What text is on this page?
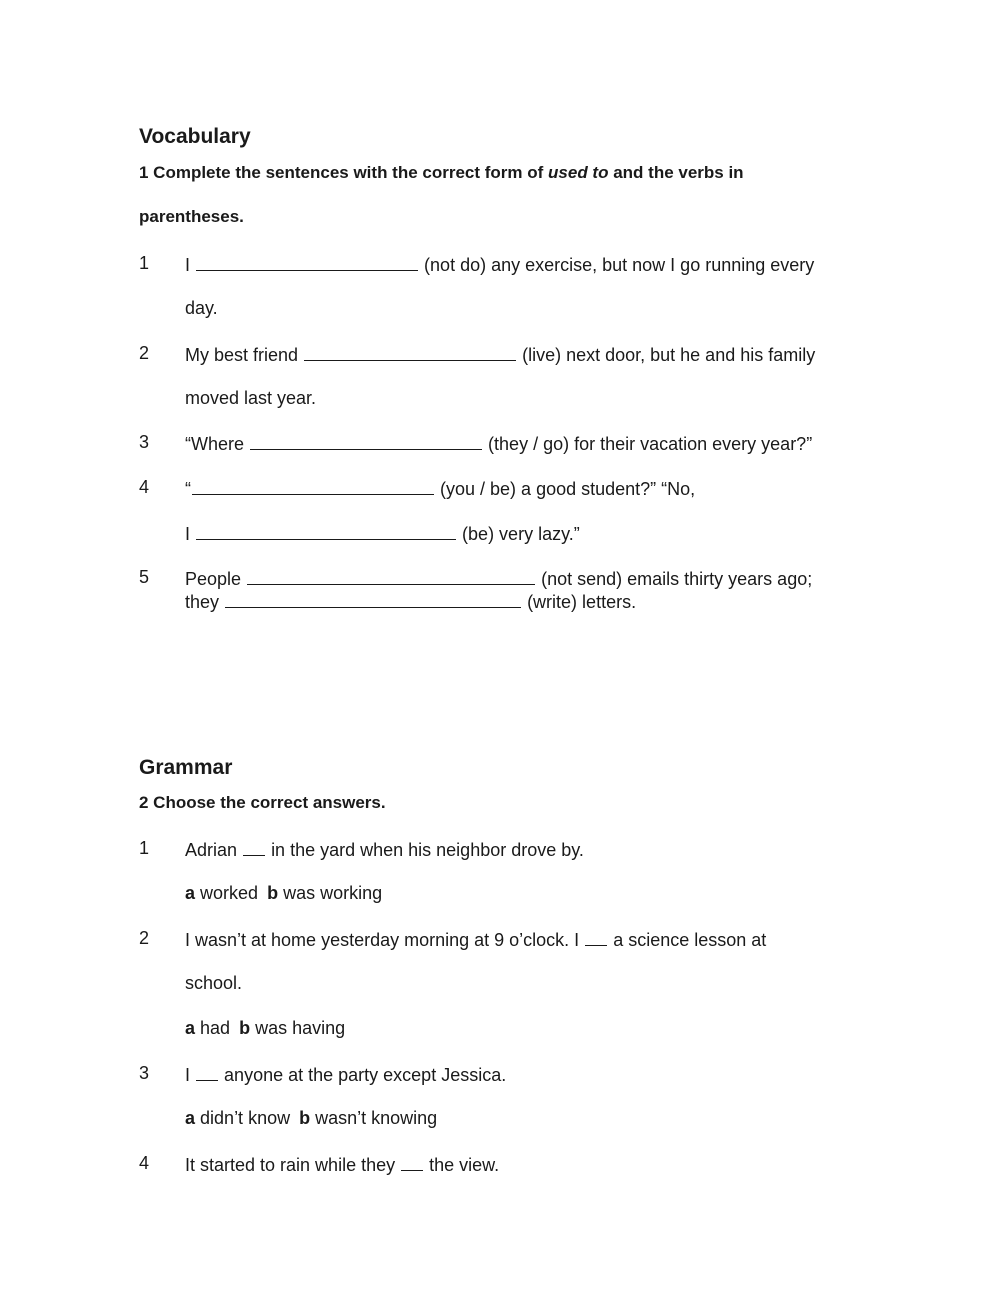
Vocabulary
1 Complete the sentences with the correct form of used to and the verbs in
parentheses.
1 I	(not do) any exercise, but now I go running every
day.
2 My best friend	(live) next door, but he and his family
moved last year.
3 “Where	(they / go) for their vacation every year?”
4 “	(you / be) a good student?” “No,
I	(be) very lazy.”
5 People	(not send) emails thirty years ago;
they	(write) letters.
Grammar
2 Choose the correct answers.
1 Adrian in the yard when his neighbor drove by.
a worked b was working
2 I wasn’t at home yesterday morning at 9 o’clock. I a science lesson at
school.
a had b was having
3 I anyone at the party except Jessica.
a didn’t know b wasn’t knowing
4 It started to rain while they the view.
